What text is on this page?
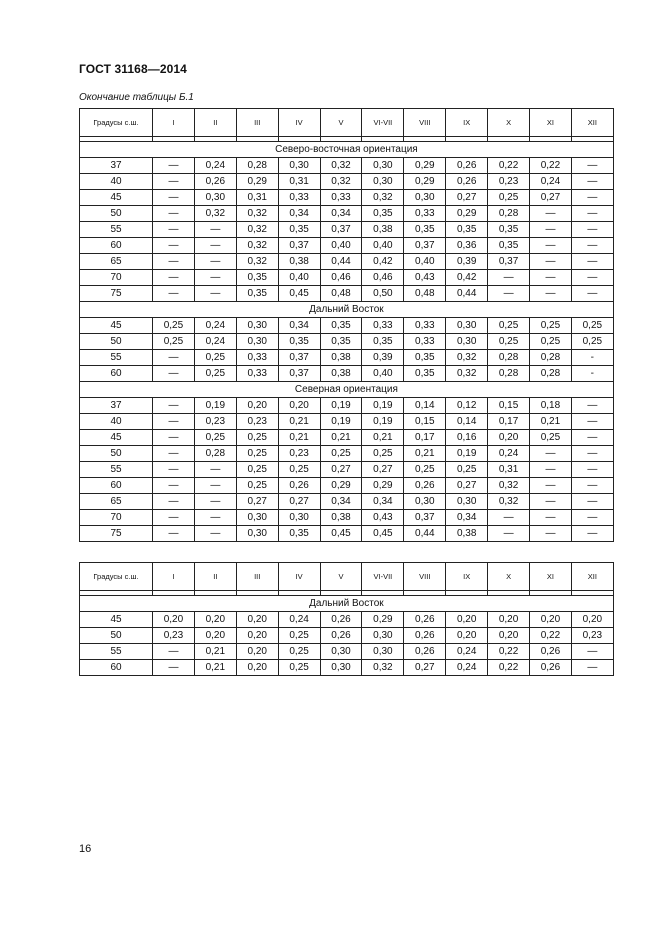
ГОСТ 31168—2014
Окончание таблицы Б.1
Градусы с.ш.	I	II	III	IV	V	VI-VII	VIII	IX	X	XI	XII

Северо-восточная ориентация											
37	—	0,24	0,28	0,30	0,32	0,30	0,29	0,26	0,22	0,22	—
40	—	0,26	0,29	0,31	0,32	0,30	0,29	0,26	0,23	0,24	—
45	—	0,30	0,31	0,33	0,33	0,32	0,30	0,27	0,25	0,27	—
50	—	0,32	0,32	0,34	0,34	0,35	0,33	0,29	0,28	—	—
55	—	—	0,32	0,35	0,37	0,38	0,35	0,35	0,35	—	—
60	—	—	0,32	0,37	0,40	0,40	0,37	0,36	0,35	—	—
65	—	—	0,32	0,38	0,44	0,42	0,40	0,39	0,37	—	—
70	—	—	0,35	0,40	0,46	0,46	0,43	0,42	—	—	—
75	—	—	0,35	0,45	0,48	0,50	0,48	0,44	—	—	—
Дальний Восток											
45	0,25	0,24	0,30	0,34	0,35	0,33	0,33	0,30	0,25	0,25	0,25
50	0,25	0,24	0,30	0,35	0,35	0,35	0,33	0,30	0,25	0,25	0,25
55	—	0,25	0,33	0,37	0,38	0,39	0,35	0,32	0,28	0,28	-
60	—	0,25	0,33	0,37	0,38	0,40	0,35	0,32	0,28	0,28	-
Северная ориентация											
37	—	0,19	0,20	0,20	0,19	0,19	0,14	0,12	0,15	0,18	—
40	—	0,23	0,23	0,21	0,19	0,19	0,15	0,14	0,17	0,21	—
45	—	0,25	0,25	0,21	0,21	0,21	0,17	0,16	0,20	0,25	—
50	—	0,28	0,25	0,23	0,25	0,25	0,21	0,19	0,24	—	—
55	—	—	0,25	0,25	0,27	0,27	0,25	0,25	0,31	—	—
60	—	—	0,25	0,26	0,29	0,29	0,26	0,27	0,32	—	—
65	—	—	0,27	0,27	0,34	0,34	0,30	0,30	0,32	—	—
70	—	—	0,30	0,30	0,38	0,43	0,37	0,34	—	—	—
75	—	—	0,30	0,35	0,45	0,45	0,44	0,38	—	—	—
Градусы с.ш.	I	II	III	IV	V	VI-VII	VIII	IX	X	XI	XII

Дальний Восток											
45	0,20	0,20	0,20	0,24	0,26	0,29	0,26	0,20	0,20	0,20	0,20
50	0,23	0,20	0,20	0,25	0,26	0,30	0,26	0,20	0,20	0,22	0,23
55	—	0,21	0,20	0,25	0,30	0,30	0,26	0,24	0,22	0,26	—
60	—	0,21	0,20	0,25	0,30	0,32	0,27	0,24	0,22	0,26	—
16
